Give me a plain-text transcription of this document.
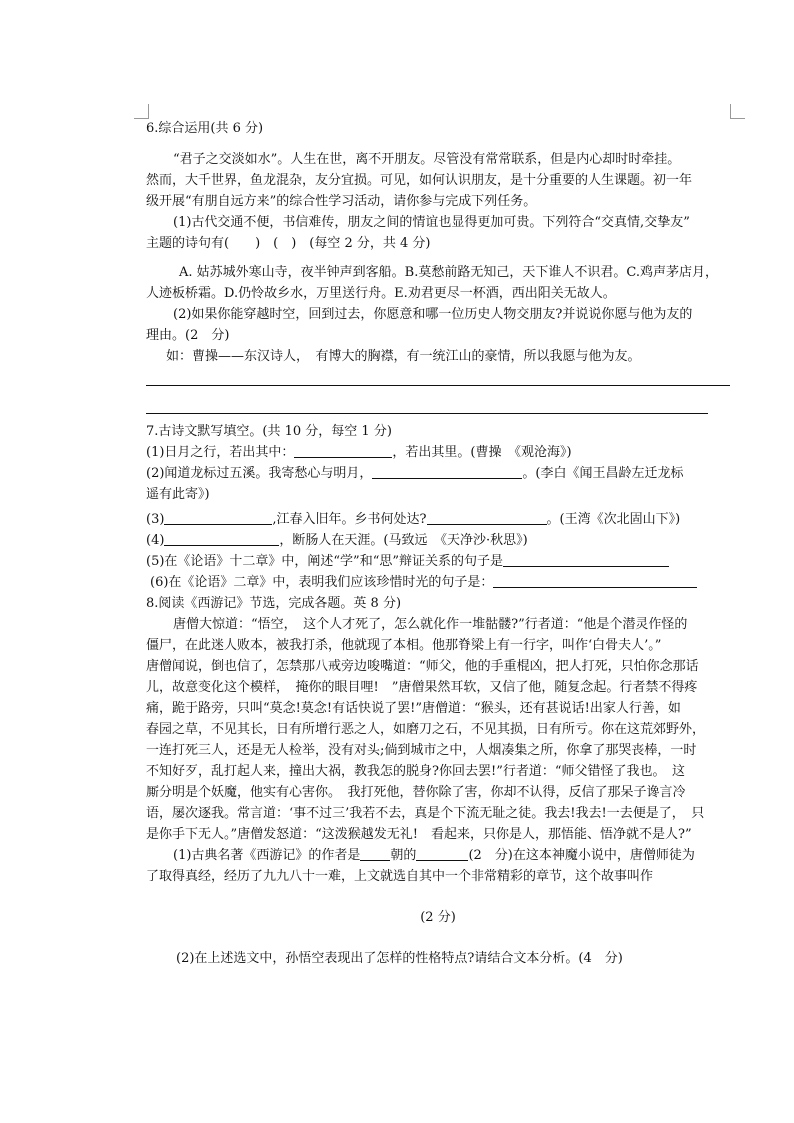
6.综合运用(共 6 分)
“君子之交淡如水”。人生在世，离不开朋友。尽管没有常常联系，但是内心却时时牵挂。
然而，大千世界，鱼龙混杂，友分宜损。可见，如何认识朋友，是十分重要的人生课题。初一年
级开展“有朋自远方来”的综合性学习活动，请你参与完成下列任务。
(1)古代交通不便，书信难传，朋友之间的情谊也显得更加可贵。下列符合“交真情,交挚友”
主题的诗句有(　　)　(　)　(每空 2 分，共 4 分)
A. 姑苏城外寒山寺，夜半钟声到客船。B.莫愁前路无知己，天下谁人不识君。C.鸡声茅店月，
人迹板桥霜。D.仍怜故乡水，万里送行舟。E.劝君更尽一杯酒，西出阳关无故人。
(2)如果你能穿越时空，回到过去，你愿意和哪一位历史人物交朋友?并说说你愿与他为友的
理由。(2　分)
如：曹操——东汉诗人，　有博大的胸襟，有一统江山的豪情，所以我愿与他为友。
7.古诗文默写填空。(共 10 分，每空 1 分)
(1)日月之行，若出其中：	，若出其里。(曹操　《观沧海》)
(2)闻道龙标过五溪。我寄愁心与明月，	。(李白《闻王昌龄左迁龙标
遥有此寄》)
(3)	,江春入旧年。乡书何处达?	。(王湾《次北固山下》)
(4)	，断肠人在天涯。(马致远　《天净沙·秋思》)
(5)在《论语》十二章》中，阐述“学”和“思”辩证关系的句子是
(6)在《论语》二章》中，表明我们应该珍惜时光的句子是：
8.阅读《西游记》节选，完成各题。英 8 分)
唐僧大惊道：“悟空，　这个人才死了，怎么就化作一堆骷髅?”行者道：“他是个潜灵作怪的
僵尸，在此迷人败本，被我打杀，他就现了本相。他那脊梁上有一行字，叫作‘白骨夫人’。”
唐僧闻说，倒也信了，怎禁那八戒旁边唆嘴道：“师父，他的手重棍凶，把人打死，只怕你念那话
儿，故意变化这个模样，　掩你的眼目哩!　”唐僧果然耳软，又信了他，随复念起。行者禁不得疼
痛，跪于路旁，只叫“莫念!莫念!有话快说了罢!”唐僧道：“猴头，还有甚说话!出家人行善，如
春园之草，不见其长，日有所增行恶之人，如磨刀之石，不见其损，日有所亏。你在这荒郊野外，
一连打死三人，还是无人检举，没有对头;倘到城市之中，人烟凑集之所，你拿了那哭丧棒，一时
不知好歹，乱打起人来，撞出大祸，教我怎的脱身?你回去罢!”行者道：“师父错怪了我也。　这
厮分明是个妖魔，他实有心害你。　我打死他，替你除了害，你却不认得，反信了那呆子谗言冷
语，屡次逐我。常言道：‘事不过三’我若不去，真是个下流无耻之徒。我去!我去!一去便是了，　只
是你手下无人。”唐僧发怒道：“这泼猴越发无礼!　看起来，只你是人，那悟能、悟净就不是人?”
(1)古典名著《西游记》的作者是 朝的	(2　分)在这本神魔小说中，唐僧师徒为
了取得真经，经历了九九八十一难，上文就选自其中一个非常精彩的章节，这个故事叫作
(2 分)
(2)在上述选文中，孙悟空表现出了怎样的性格特点?请结合文本分析。(4　分)
